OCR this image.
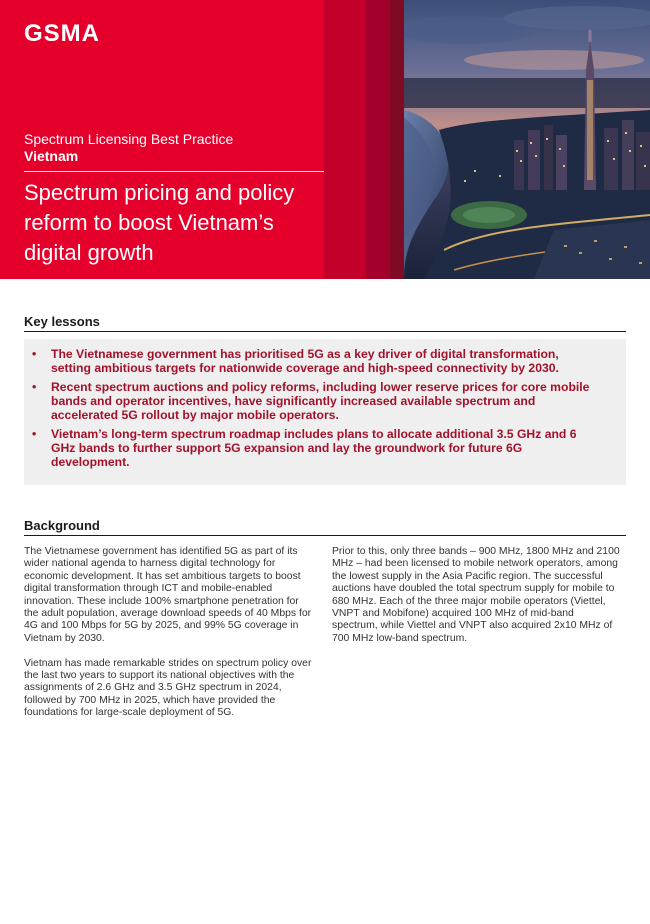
GSMA
Spectrum Licensing Best Practice
Vietnam
Spectrum pricing and policy reform to boost Vietnam’s digital growth
Key lessons
• The Vietnamese government has prioritised 5G as a key driver of digital transformation, setting ambitious targets for nationwide coverage and high-speed connectivity by 2030.
• Recent spectrum auctions and policy reforms, including lower reserve prices for core mobile bands and operator incentives, have significantly increased available spectrum and accelerated 5G rollout by major mobile operators.
• Vietnam’s long-term spectrum roadmap includes plans to allocate additional 3.5 GHz and 6 GHz bands to further support 5G expansion and lay the groundwork for future 6G development.
Background

The Vietnamese government has identified 5G as part of its wider national agenda to harness digital technology for economic development. It has set ambitious targets to boost digital transformation through ICT and mobile-enabled innovation. These include 100% smartphone penetration for the adult population, average download speeds of 40 Mbps for 4G and 100 Mbps for 5G by 2025, and 99% 5G coverage in Vietnam by 2030.

Vietnam has made remarkable strides on spectrum policy over the last two years to support its national objectives with the assignments of 2.6 GHz and 3.5 GHz spectrum in 2024, followed by 700 MHz in 2025, which have provided the foundations for large-scale deployment of 5G.

Prior to this, only three bands – 900 MHz, 1800 MHz and 2100 MHz – had been licensed to mobile network operators, among the lowest supply in the Asia Pacific region. The successful auctions have doubled the total spectrum supply for mobile to 680 MHz. Each of the three major mobile operators (Viettel, VNPT and Mobifone) acquired 100 MHz of mid-band spectrum, while Viettel and VNPT also acquired 2x10 MHz of 700 MHz low-band spectrum.
